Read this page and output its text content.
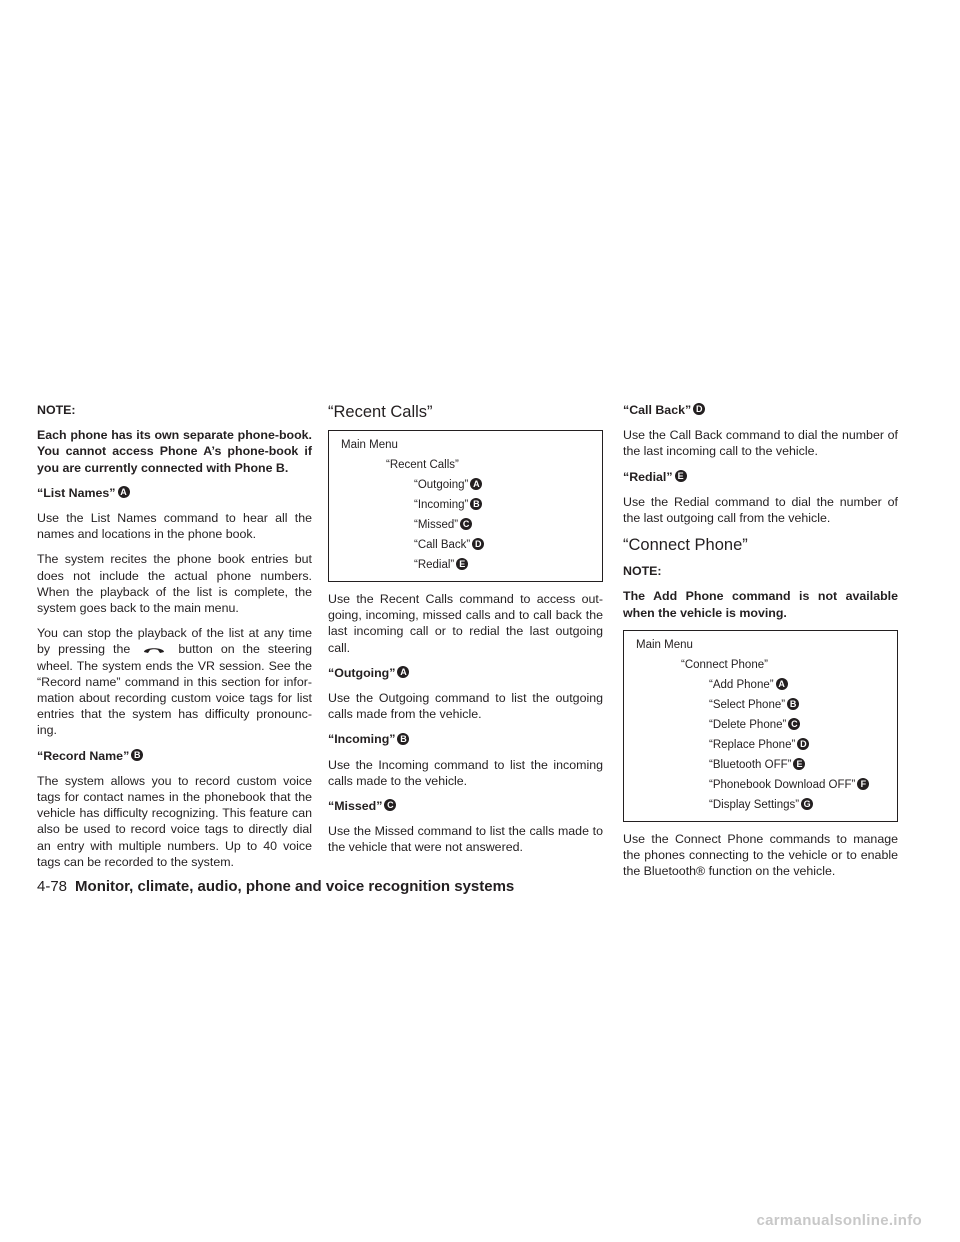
NOTE:

Each phone has its own separate phone-book. You cannot access Phone A’s phone-book if you are currently connected with Phone B.

“List Names” A

Use the List Names command to hear all the names and locations in the phone book.

The system recites the phone book entries but does not include the actual phone numbers. When the playback of the list is complete, the system goes back to the main menu.

You can stop the playback of the list at any time by pressing the	button on the steering wheel. The system ends the VR session. See the “Record name” command in this section for infor-mation about recording custom voice tags for list entries that the system has difficulty pronounc-ing.

“Record Name” B

The system allows you to record custom voice tags for contact names in the phonebook that the vehicle has difficulty recognizing. This feature can also be used to record voice tags to directly dial an entry with multiple numbers. Up to 40 voice tags can be recorded to the system.

“Recent Calls”
Main Menu
“Recent Calls”
“Outgoing” A
“Incoming” B
“Missed” C
“Call Back” D
“Redial” E

Use the Recent Calls command to access out-going, incoming, missed calls and to call back the last incoming call or to redial the last outgoing call.

“Outgoing” A

Use the Outgoing command to list the outgoing calls made from the vehicle.

“Incoming” B

Use the Incoming command to list the incoming calls made to the vehicle.

“Missed” C

Use the Missed command to list the calls made to the vehicle that were not answered.

“Call Back” D

Use the Call Back command to dial the number of the last incoming call to the vehicle.

“Redial” E

Use the Redial command to dial the number of the last outgoing call from the vehicle.

“Connect Phone”

NOTE:

The Add Phone command is not available when the vehicle is moving.

Main Menu
“Connect Phone”
“Add Phone” A
“Select Phone” B
“Delete Phone” C
“Replace Phone” D
“Bluetooth OFF” E
“Phonebook Download OFF” F
“Display Settings” G

Use the Connect Phone commands to manage the phones connecting to the vehicle or to enable the Bluetooth® function on the vehicle.

4-78 Monitor, climate, audio, phone and voice recognition systems
carmanualsonline.info
